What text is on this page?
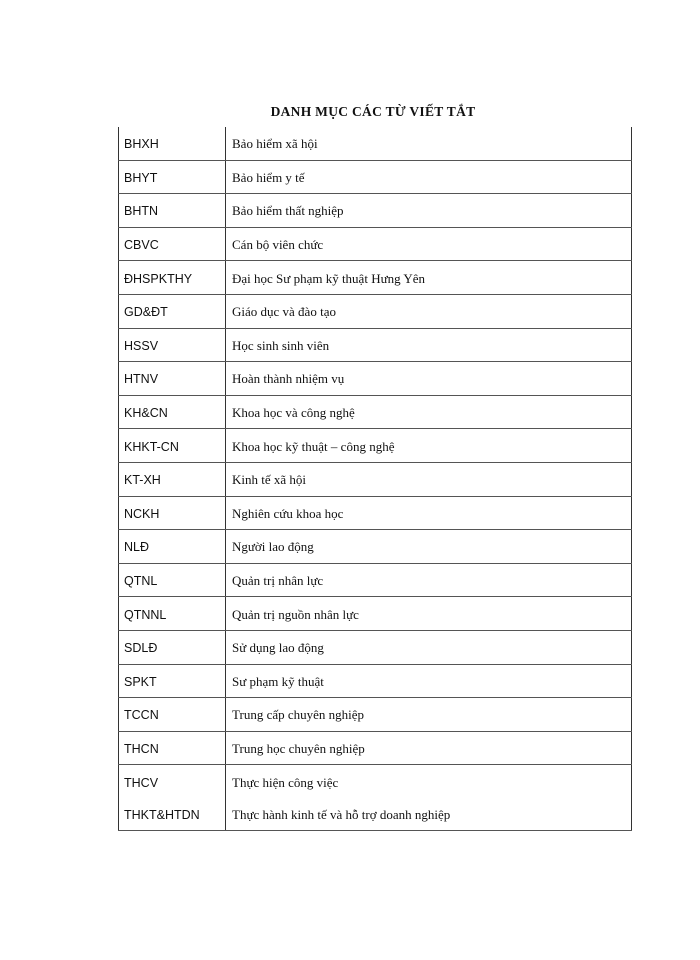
DANH MỤC CÁC TỪ VIẾT TẮT
BHXH	Bảo hiểm xã hội
BHYT	Bảo hiểm y tế
BHTN	Bảo hiểm thất nghiệp
CBVC	Cán bộ viên chức
ĐHSPKTHY	Đại học Sư phạm kỹ thuật Hưng Yên
GD&ĐT	Giáo dục và đào tạo
HSSV	Học sinh sinh viên
HTNV	Hoàn thành nhiệm vụ
KH&CN	Khoa học và công nghệ
KHKT-CN	Khoa học kỹ thuật – công nghệ
KT-XH	Kinh tế xã hội
NCKH	Nghiên cứu khoa học
NLĐ	Người lao động
QTNL	Quản trị nhân lực
QTNNL	Quản trị nguồn nhân lực
SDLĐ	Sử dụng lao động
SPKT	Sư phạm kỹ thuật
TCCN	Trung cấp chuyên nghiệp
THCN	Trung học chuyên nghiệp
THCV	Thực hiện công việc
THKT&HTDN	Thực hành kinh tế và hỗ trợ doanh nghiệp
